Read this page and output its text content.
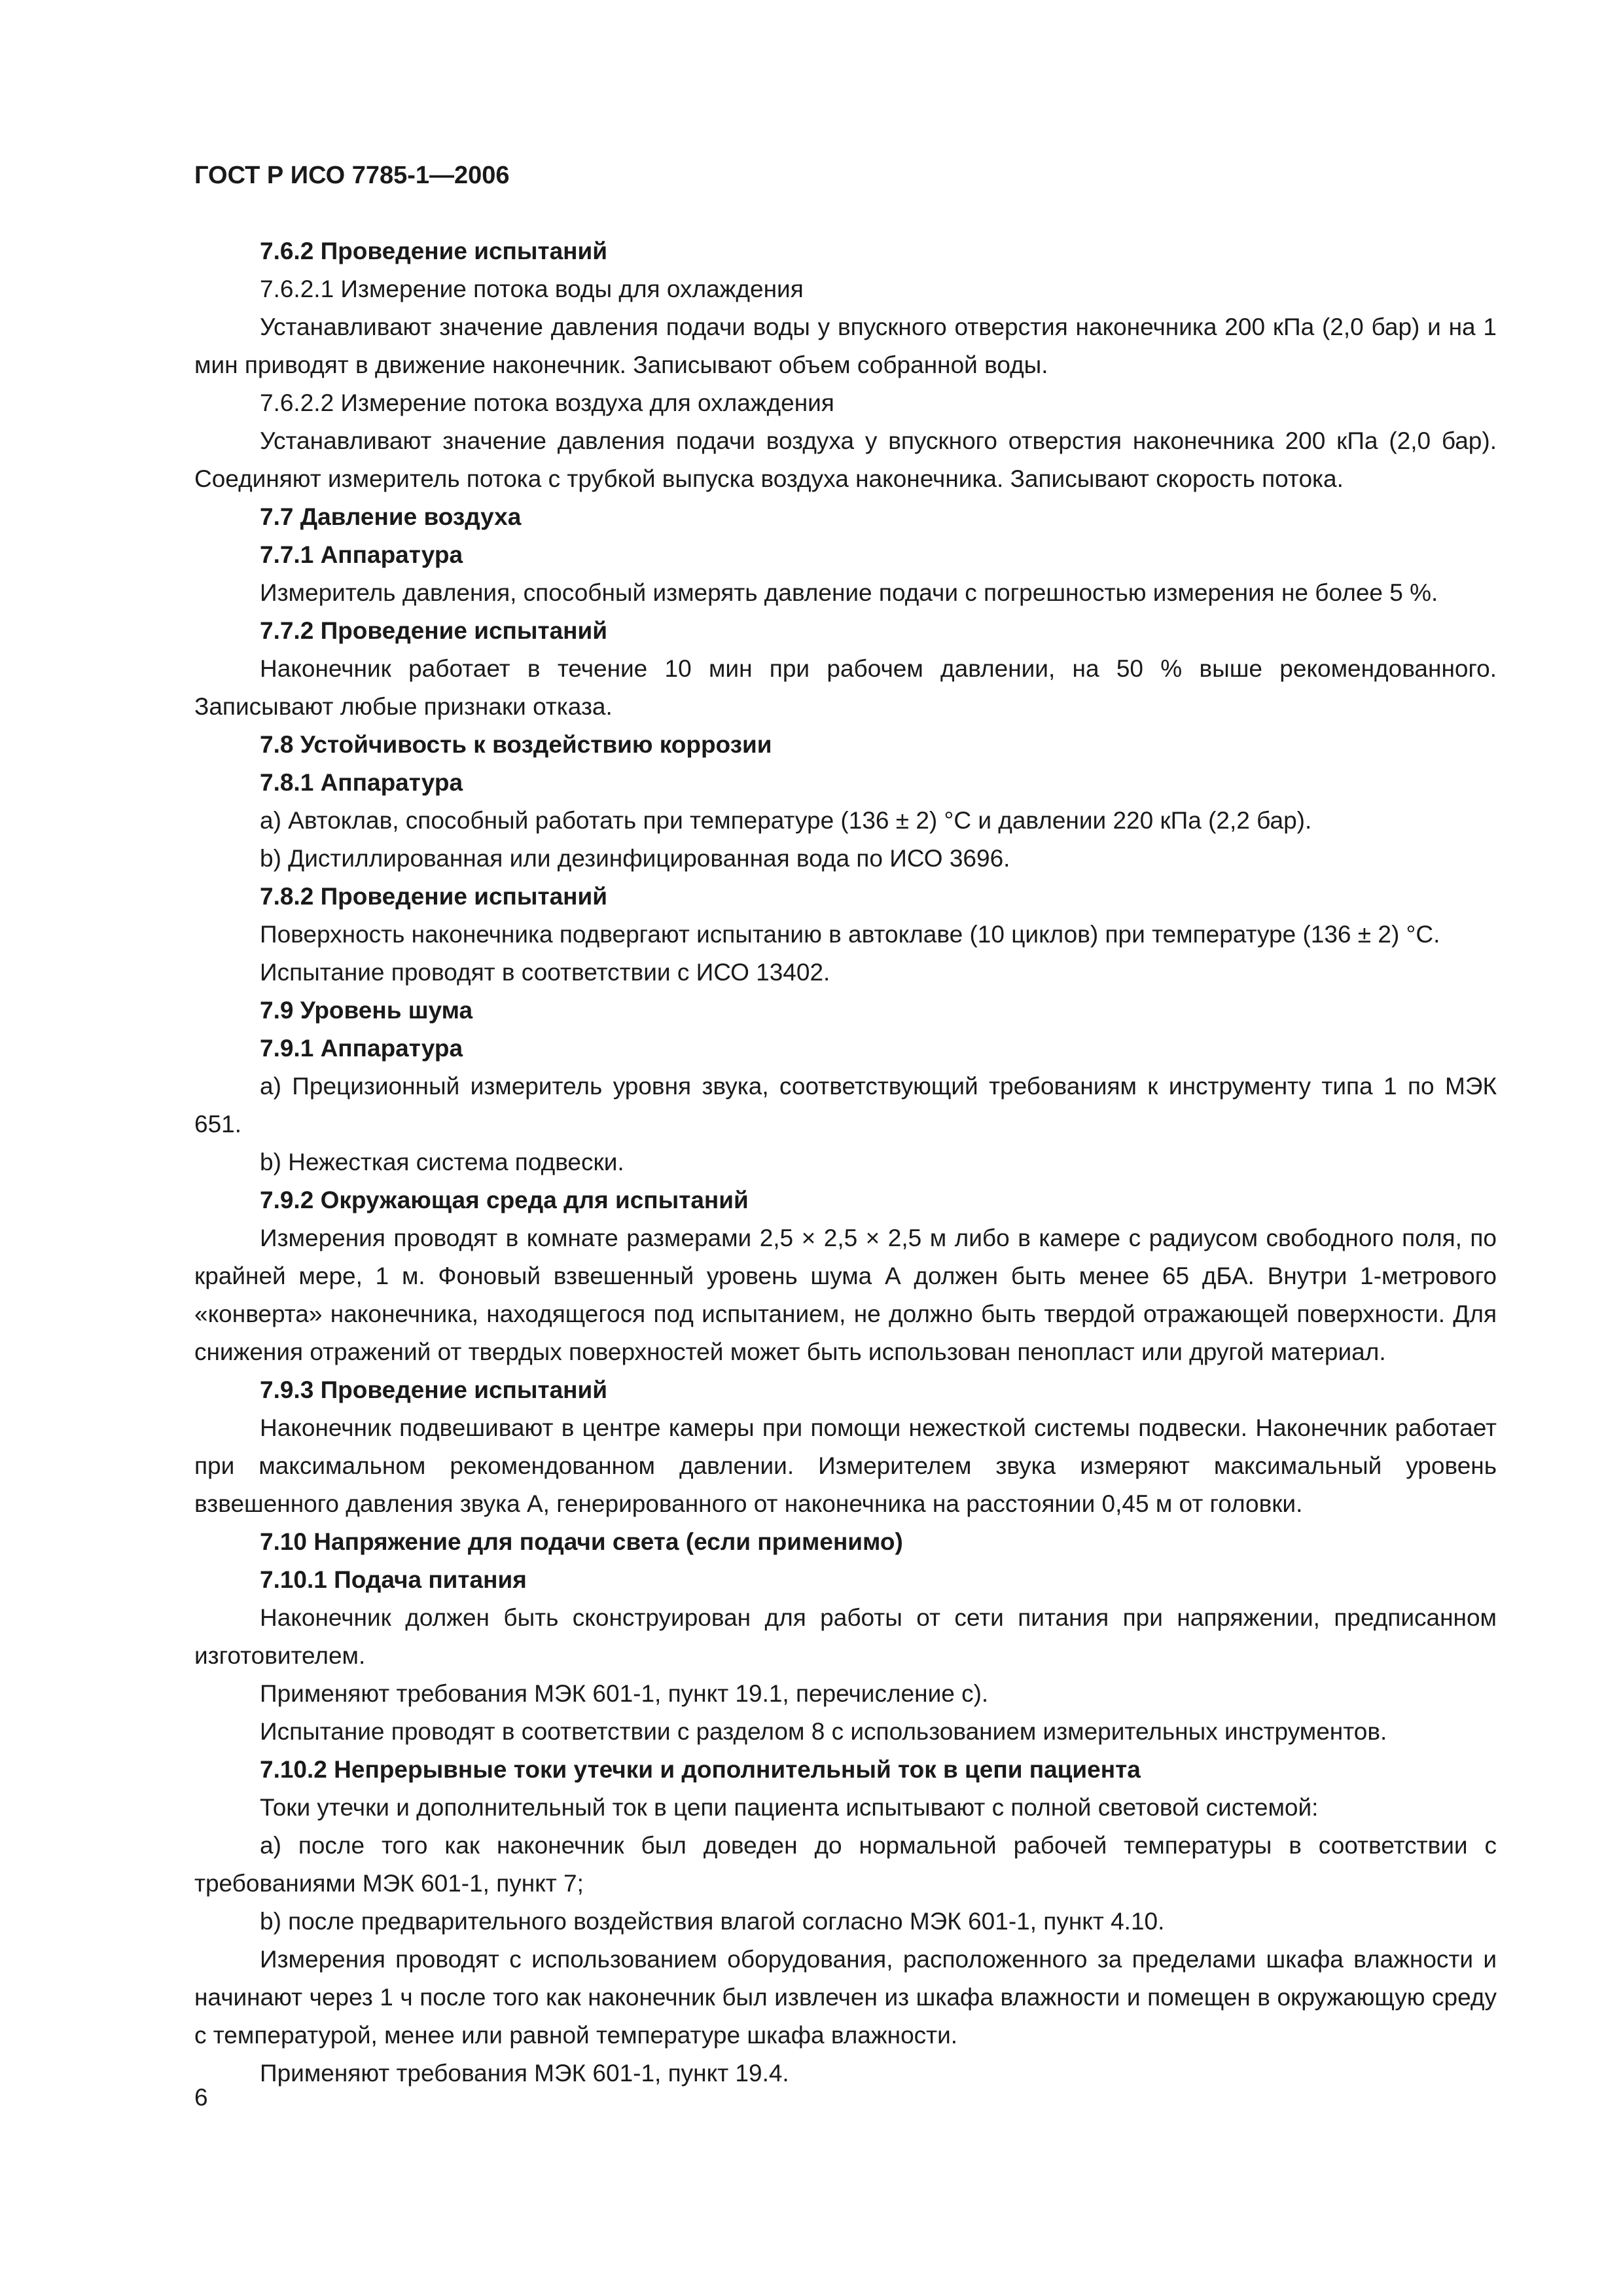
ГОСТ Р ИСО 7785-1—2006

7.6.2 Проведение испытаний

7.6.2.1 Измерение потока воды для охлаждения

Устанавливают значение давления подачи воды у впускного отверстия наконечника 200 кПа (2,0 бар) и на 1 мин приводят в движение наконечник. Записывают объем собранной воды.

7.6.2.2 Измерение потока воздуха для охлаждения

Устанавливают значение давления подачи воздуха у впускного отверстия наконечника 200 кПа (2,0 бар). Соединяют измеритель потока с трубкой выпуска воздуха наконечника. Записывают скорость потока.

7.7 Давление воздуха

7.7.1 Аппаратура

Измеритель давления, способный измерять давление подачи с погрешностью измерения не более 5 %.

7.7.2 Проведение испытаний

Наконечник работает в течение 10 мин при рабочем давлении, на 50 % выше рекомендованного. Записывают любые признаки отказа.

7.8 Устойчивость к воздействию коррозии

7.8.1 Аппаратура

a) Автоклав, способный работать при температуре (136 ± 2) °С и давлении 220 кПа (2,2 бар).

b) Дистиллированная или дезинфицированная вода по ИСО 3696.

7.8.2 Проведение испытаний

Поверхность наконечника подвергают испытанию в автоклаве (10 циклов) при температуре (136 ± 2) °С.

Испытание проводят в соответствии с ИСО 13402.

7.9 Уровень шума

7.9.1 Аппаратура

a) Прецизионный измеритель уровня звука, соответствующий требованиям к инструменту типа 1 по МЭК 651.

b) Нежесткая система подвески.

7.9.2 Окружающая среда для испытаний

Измерения проводят в комнате размерами 2,5 × 2,5 × 2,5 м либо в камере с радиусом свободного поля, по крайней мере, 1 м. Фоновый взвешенный уровень шума А должен быть менее 65 дБА. Внутри 1-метрового «конверта» наконечника, находящегося под испытанием, не должно быть твердой отражающей поверхности. Для снижения отражений от твердых поверхностей может быть использован пенопласт или другой материал.

7.9.3 Проведение испытаний

Наконечник подвешивают в центре камеры при помощи нежесткой системы подвески. Наконечник работает при максимальном рекомендованном давлении. Измерителем звука измеряют максимальный уровень взвешенного давления звука А, генерированного от наконечника на расстоянии 0,45 м от головки.

7.10 Напряжение для подачи света (если применимо)

7.10.1 Подача питания

Наконечник должен быть сконструирован для работы от сети питания при напряжении, предписанном изготовителем.

Применяют требования МЭК 601-1, пункт 19.1, перечисление с).

Испытание проводят в соответствии с разделом 8 с использованием измерительных инструментов.

7.10.2 Непрерывные токи утечки и дополнительный ток в цепи пациента

Токи утечки и дополнительный ток в цепи пациента испытывают с полной световой системой:

a) после того как наконечник был доведен до нормальной рабочей температуры в соответствии с требованиями МЭК 601-1, пункт 7;

b) после предварительного воздействия влагой согласно МЭК 601-1, пункт 4.10.

Измерения проводят с использованием оборудования, расположенного за пределами шкафа влажности и начинают через 1 ч после того как наконечник был извлечен из шкафа влажности и помещен в окружающую среду с температурой, менее или равной температуре шкафа влажности.

Применяют требования МЭК 601-1, пункт 19.4.

6
